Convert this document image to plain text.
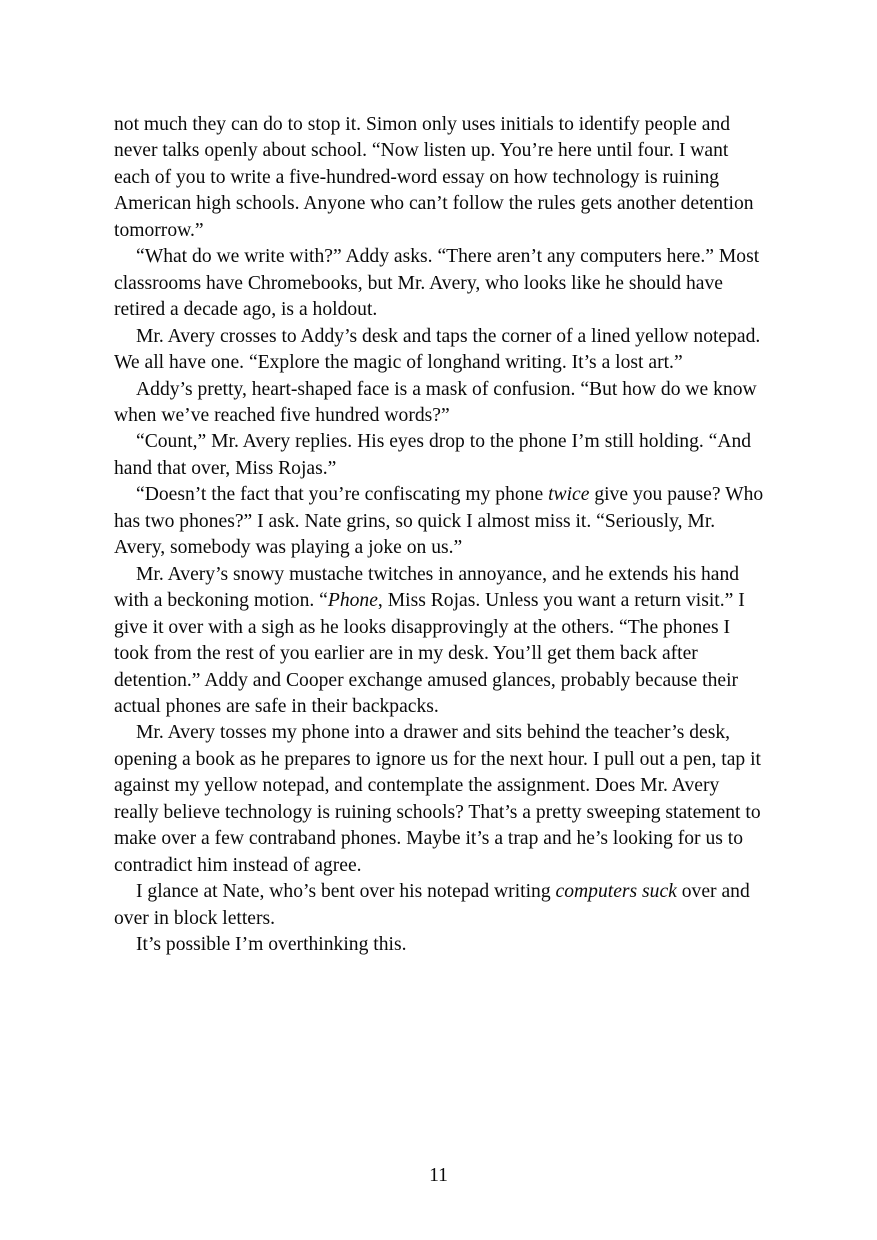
not much they can do to stop it. Simon only uses initials to identify people and never talks openly about school. “Now listen up. You’re here until four. I want each of you to write a five-hundred-word essay on how technology is ruining American high schools. Anyone who can’t follow the rules gets another detention tomorrow.”

“What do we write with?” Addy asks. “There aren’t any computers here.” Most classrooms have Chromebooks, but Mr. Avery, who looks like he should have retired a decade ago, is a holdout.

Mr. Avery crosses to Addy’s desk and taps the corner of a lined yellow notepad. We all have one. “Explore the magic of longhand writing. It’s a lost art.”

Addy’s pretty, heart-shaped face is a mask of confusion. “But how do we know when we’ve reached five hundred words?”

“Count,” Mr. Avery replies. His eyes drop to the phone I’m still holding. “And hand that over, Miss Rojas.”

“Doesn’t the fact that you’re confiscating my phone twice give you pause? Who has two phones?” I ask. Nate grins, so quick I almost miss it. “Seriously, Mr. Avery, somebody was playing a joke on us.”

Mr. Avery’s snowy mustache twitches in annoyance, and he extends his hand with a beckoning motion. “Phone, Miss Rojas. Unless you want a return visit.” I give it over with a sigh as he looks disapprovingly at the others. “The phones I took from the rest of you earlier are in my desk. You’ll get them back after detention.” Addy and Cooper exchange amused glances, probably because their actual phones are safe in their backpacks.

Mr. Avery tosses my phone into a drawer and sits behind the teacher’s desk, opening a book as he prepares to ignore us for the next hour. I pull out a pen, tap it against my yellow notepad, and contemplate the assignment. Does Mr. Avery really believe technology is ruining schools? That’s a pretty sweeping statement to make over a few contraband phones. Maybe it’s a trap and he’s looking for us to contradict him instead of agree.

I glance at Nate, who’s bent over his notepad writing computers suck over and over in block letters.

It’s possible I’m overthinking this.

11
